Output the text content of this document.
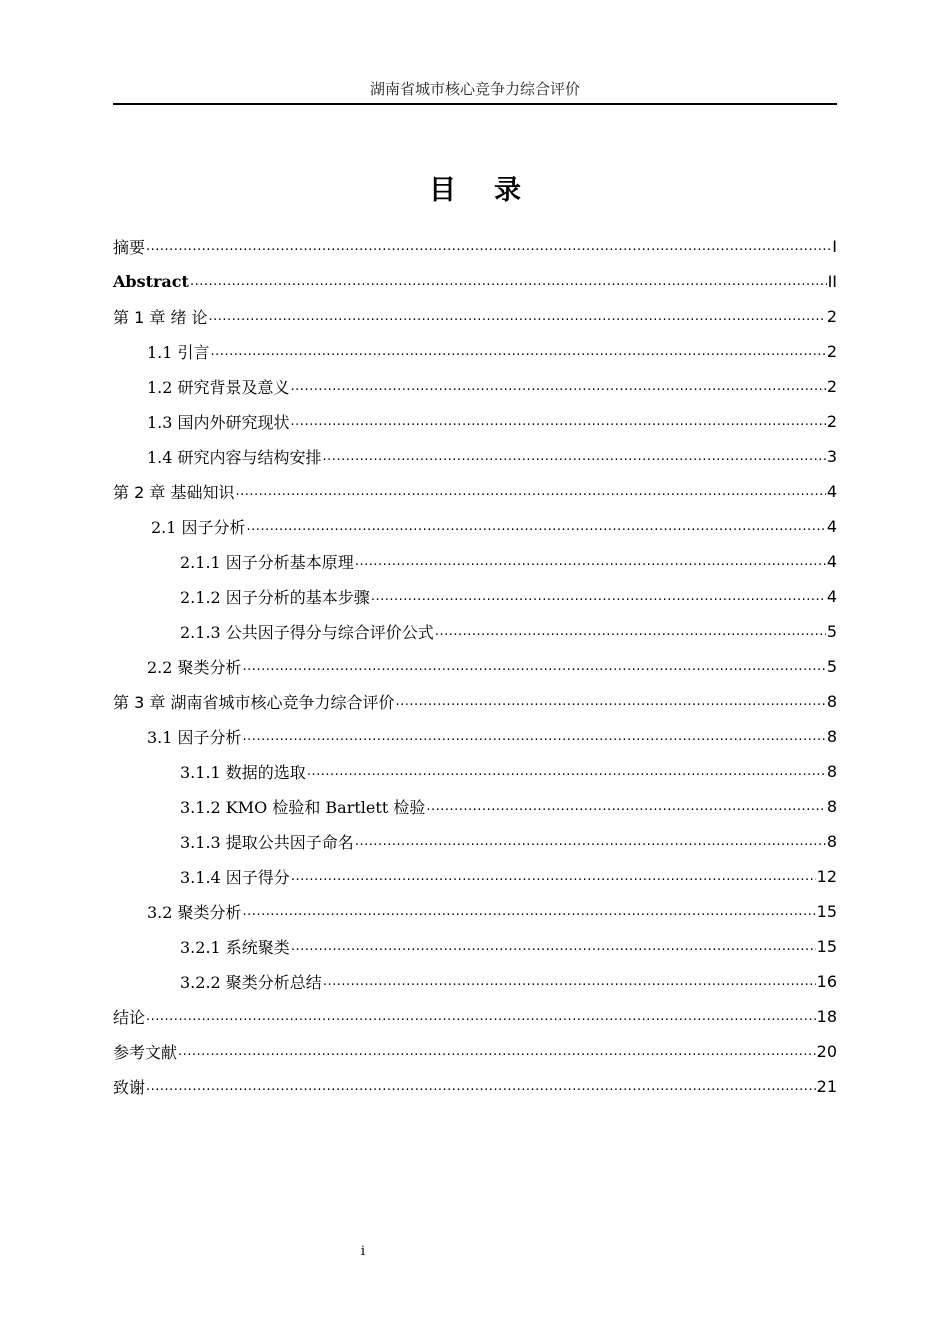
湖南省城市核心竞争力综合评价
目录
摘要 .....	I
Abstract .....	II
第 1 章 绪 论 .....	2
1.1 引言 .....	2
1.2 研究背景及意义 .....	2
1.3 国内外研究现状 .....	2
1.4 研究内容与结构安排 .....	3
第 2 章 基础知识 .....	4
2.1 因子分析 .....	4
2.1.1 因子分析基本原理 .....	4
2.1.2 因子分析的基本步骤 .....	4
2.1.3 公共因子得分与综合评价公式 .....	5
2.2 聚类分析 .....	5
第 3 章 湖南省城市核心竞争力综合评价 .....	8
3.1 因子分析 .....	8
3.1.1 数据的选取 .....	8
3.1.2 KMO 检验和 Bartlett 检验 .....	8
3.1.3 提取公共因子命名 .....	8
3.1.4 因子得分 .....	12
3.2 聚类分析 .....	15
3.2.1 系统聚类 .....	15
3.2.2 聚类分析总结 .....	16
结论 .....	18
参考文献 .....	20
致谢 .....	21
i
